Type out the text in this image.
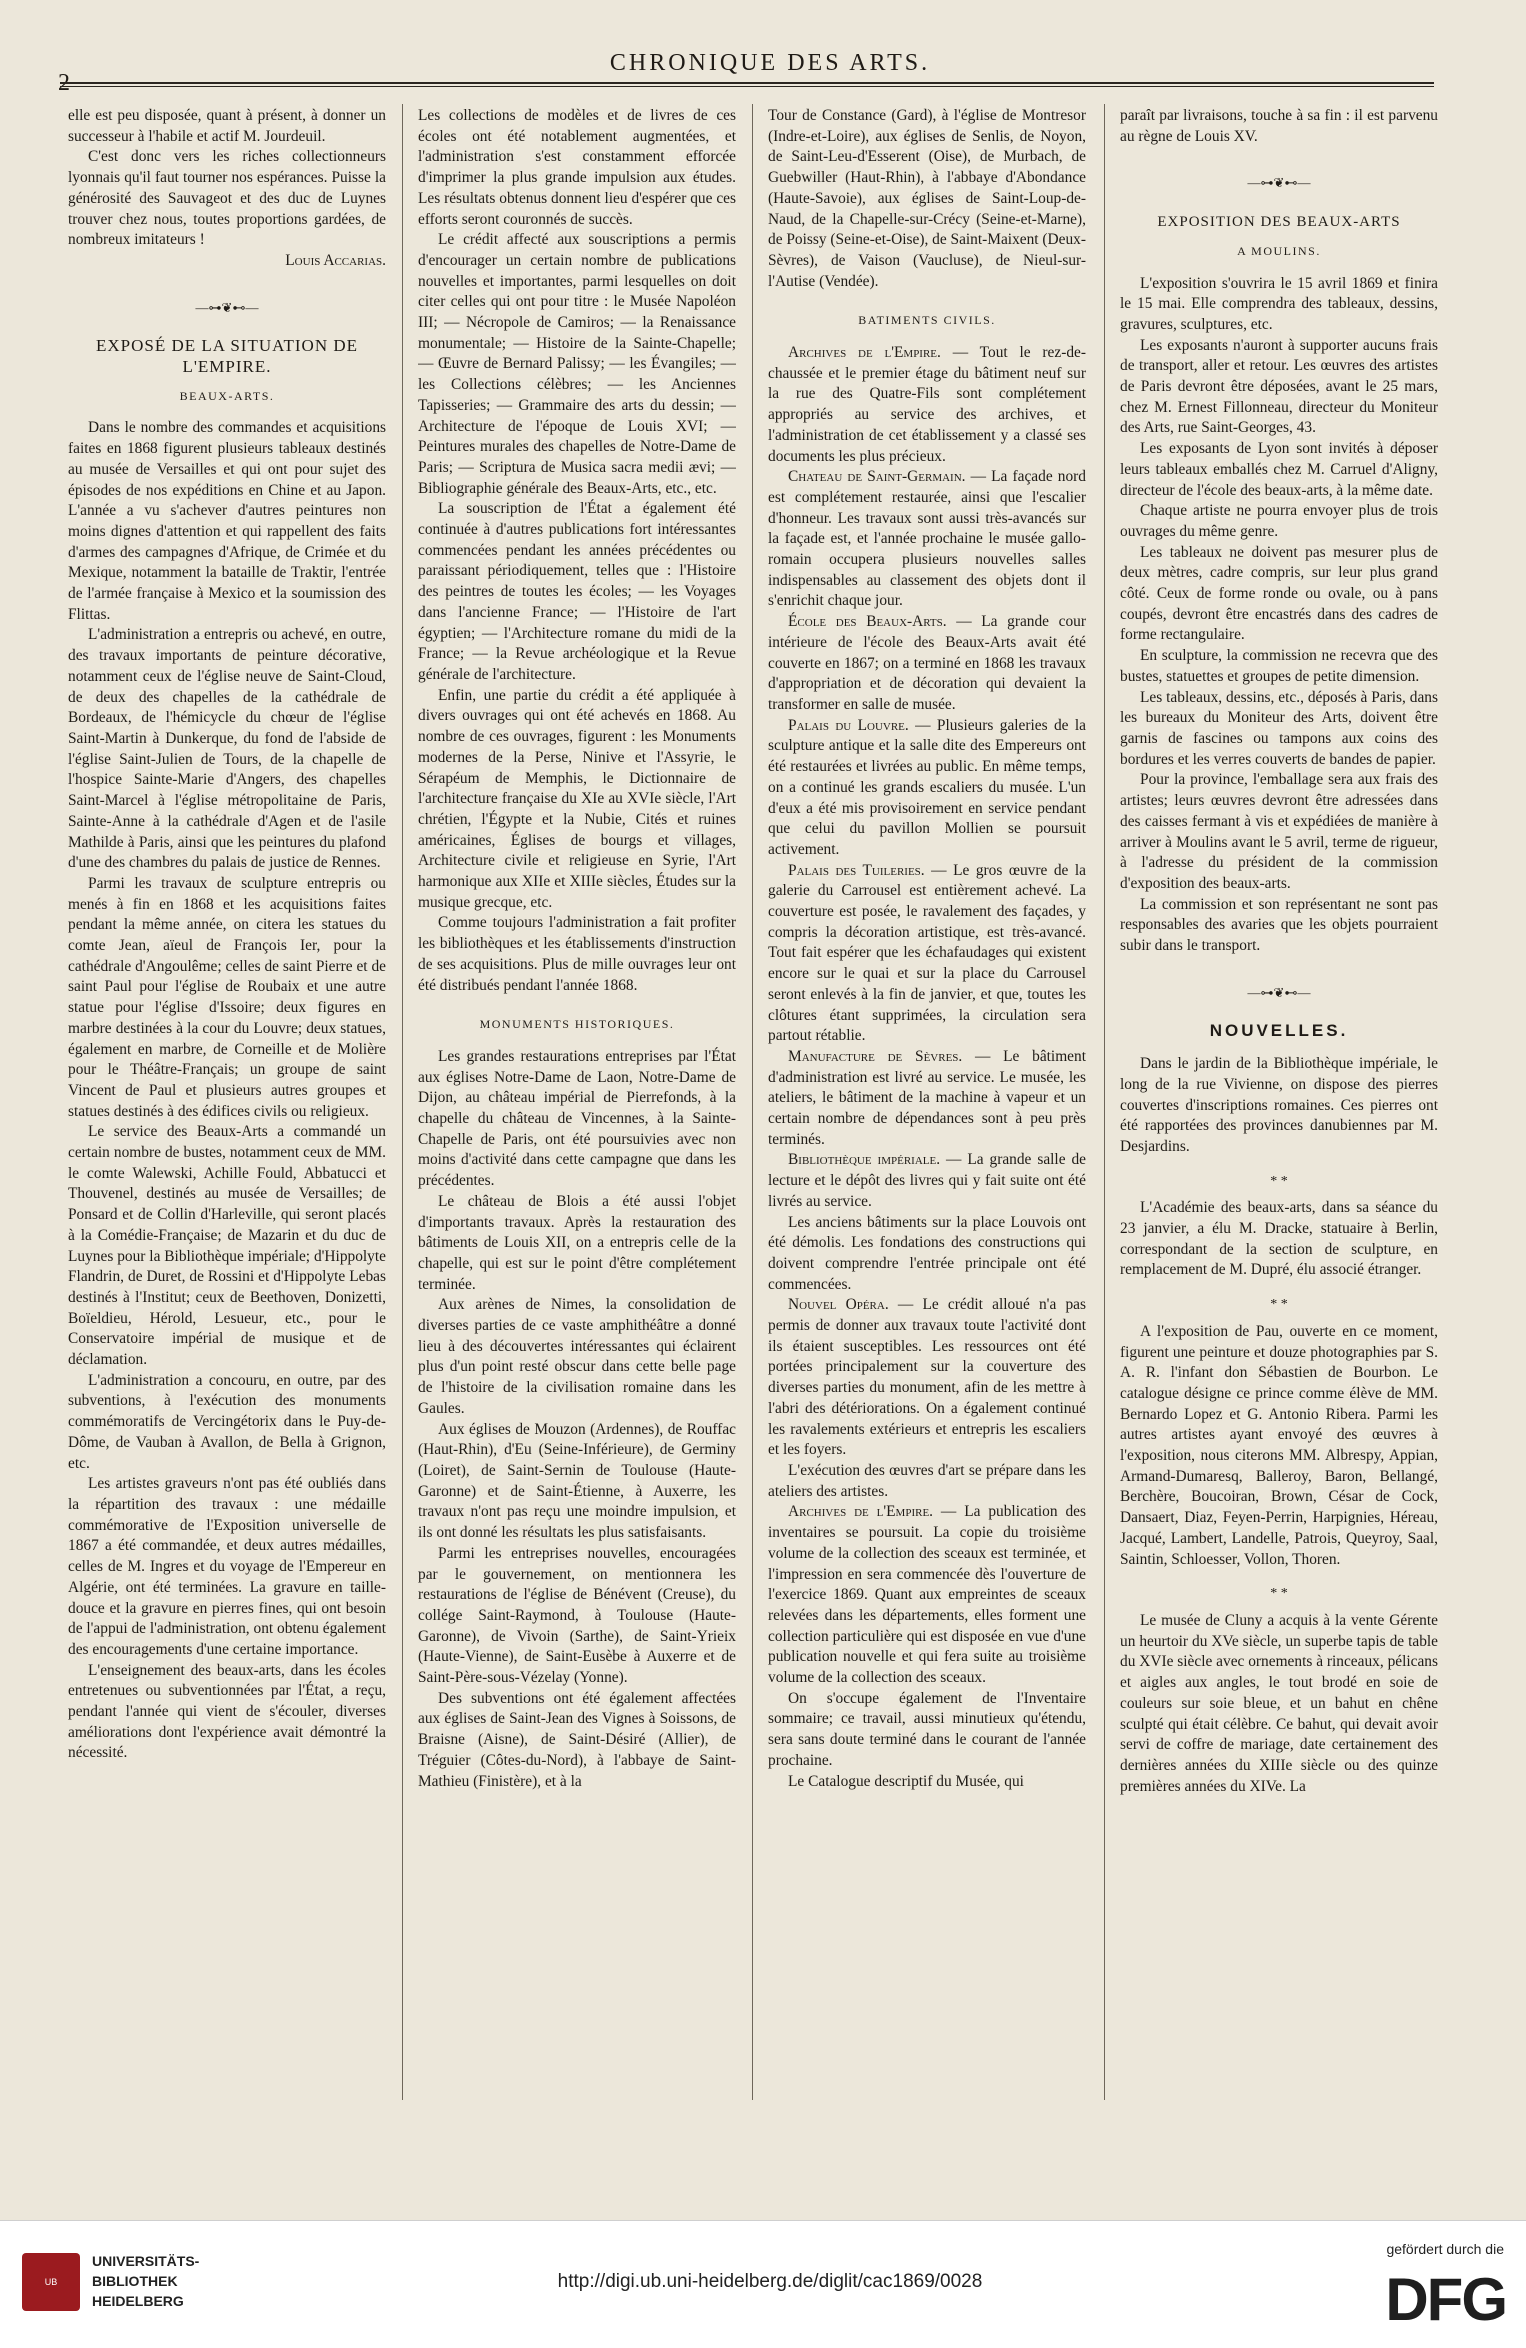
2
CHRONIQUE DES ARTS.

elle est peu disposée, quant à présent, à donner un successeur à l'habile et actif M. Jourdeuil.

C'est donc vers les riches collectionneurs lyonnais qu'il faut tourner nos espérances. Puisse la générosité des Sauvageot et des duc de Luynes trouver chez nous, toutes proportions gardées, de nombreux imitateurs !

Louis Accarias.

—⊶❦⊷—
EXPOSÉ DE LA SITUATION DE L'EMPIRE.
BEAUX-ARTS.

Dans le nombre des commandes et acquisitions faites en 1868 figurent plusieurs tableaux destinés au musée de Versailles et qui ont pour sujet des épisodes de nos expéditions en Chine et au Japon. L'année a vu s'achever d'autres peintures non moins dignes d'attention et qui rappellent des faits d'armes des campagnes d'Afrique, de Crimée et du Mexique, notamment la bataille de Traktir, l'entrée de l'armée française à Mexico et la soumission des Flittas.

L'administration a entrepris ou achevé, en outre, des travaux importants de peinture décorative, notamment ceux de l'église neuve de Saint-Cloud, de deux des chapelles de la cathédrale de Bordeaux, de l'hémicycle du chœur de l'église Saint-Martin à Dunkerque, du fond de l'abside de l'église Saint-Julien de Tours, de la chapelle de l'hospice Sainte-Marie d'Angers, des chapelles Saint-Marcel à l'église métropolitaine de Paris, Sainte-Anne à la cathédrale d'Agen et de l'asile Mathilde à Paris, ainsi que les peintures du plafond d'une des chambres du palais de justice de Rennes.

Parmi les travaux de sculpture entrepris ou menés à fin en 1868 et les acquisitions faites pendant la même année, on citera les statues du comte Jean, aïeul de François Ier, pour la cathédrale d'Angoulême; celles de saint Pierre et de saint Paul pour l'église de Roubaix et une autre statue pour l'église d'Issoire; deux figures en marbre destinées à la cour du Louvre; deux statues, également en marbre, de Corneille et de Molière pour le Théâtre-Français; un groupe de saint Vincent de Paul et plusieurs autres groupes et statues destinés à des édifices civils ou religieux.

Le service des Beaux-Arts a commandé un certain nombre de bustes, notamment ceux de MM. le comte Walewski, Achille Fould, Abbatucci et Thouvenel, destinés au musée de Versailles; de Ponsard et de Collin d'Harleville, qui seront placés à la Comédie-Française; de Mazarin et du duc de Luynes pour la Bibliothèque impériale; d'Hippolyte Flandrin, de Duret, de Rossini et d'Hippolyte Lebas destinés à l'Institut; ceux de Beethoven, Donizetti, Boïeldieu, Hérold, Lesueur, etc., pour le Conservatoire impérial de musique et de déclamation.

L'administration a concouru, en outre, par des subventions, à l'exécution des monuments commémoratifs de Vercingétorix dans le Puy-de-Dôme, de Vauban à Avallon, de Bella à Grignon, etc.

Les artistes graveurs n'ont pas été oubliés dans la répartition des travaux : une médaille commémorative de l'Exposition universelle de 1867 a été commandée, et deux autres médailles, celles de M. Ingres et du voyage de l'Empereur en Algérie, ont été terminées. La gravure en taille-douce et la gravure en pierres fines, qui ont besoin de l'appui de l'administration, ont obtenu également des encouragements d'une certaine importance.

L'enseignement des beaux-arts, dans les écoles entretenues ou subventionnées par l'État, a reçu, pendant l'année qui vient de s'écouler, diverses améliorations dont l'expérience avait démontré la nécessité.

Les collections de modèles et de livres de ces écoles ont été notablement augmentées, et l'administration s'est constamment efforcée d'imprimer la plus grande impulsion aux études. Les résultats obtenus donnent lieu d'espérer que ces efforts seront couronnés de succès.

Le crédit affecté aux souscriptions a permis d'encourager un certain nombre de publications nouvelles et importantes, parmi lesquelles on doit citer celles qui ont pour titre : le Musée Napoléon III; — Nécropole de Camiros; — la Renaissance monumentale; — Histoire de la Sainte-Chapelle; — Œuvre de Bernard Palissy; — les Évangiles; — les Collections célèbres; — les Anciennes Tapisseries; — Grammaire des arts du dessin; — Architecture de l'époque de Louis XVI; — Peintures murales des chapelles de Notre-Dame de Paris; — Scriptura de Musica sacra medii ævi; — Bibliographie générale des Beaux-Arts, etc., etc.

La souscription de l'État a également été continuée à d'autres publications fort intéressantes commencées pendant les années précédentes ou paraissant périodiquement, telles que : l'Histoire des peintres de toutes les écoles; — les Voyages dans l'ancienne France; — l'Histoire de l'art égyptien; — l'Architecture romane du midi de la France; — la Revue archéologique et la Revue générale de l'architecture.

Enfin, une partie du crédit a été appliquée à divers ouvrages qui ont été achevés en 1868. Au nombre de ces ouvrages, figurent : les Monuments modernes de la Perse, Ninive et l'Assyrie, le Sérapéum de Memphis, le Dictionnaire de l'architecture française du XIe au XVIe siècle, l'Art chrétien, l'Égypte et la Nubie, Cités et ruines américaines, Églises de bourgs et villages, Architecture civile et religieuse en Syrie, l'Art harmonique aux XIIe et XIIIe siècles, Études sur la musique grecque, etc.

Comme toujours l'administration a fait profiter les bibliothèques et les établissements d'instruction de ses acquisitions. Plus de mille ouvrages leur ont été distribués pendant l'année 1868.

MONUMENTS HISTORIQUES.

Les grandes restaurations entreprises par l'État aux églises Notre-Dame de Laon, Notre-Dame de Dijon, au château impérial de Pierrefonds, à la chapelle du château de Vincennes, à la Sainte-Chapelle de Paris, ont été poursuivies avec non moins d'activité dans cette campagne que dans les précédentes.

Le château de Blois a été aussi l'objet d'importants travaux. Après la restauration des bâtiments de Louis XII, on a entrepris celle de la chapelle, qui est sur le point d'être complétement terminée.

Aux arènes de Nimes, la consolidation de diverses parties de ce vaste amphithéâtre a donné lieu à des découvertes intéressantes qui éclairent plus d'un point resté obscur dans cette belle page de l'histoire de la civilisation romaine dans les Gaules.

Aux églises de Mouzon (Ardennes), de Rouffac (Haut-Rhin), d'Eu (Seine-Inférieure), de Germiny (Loiret), de Saint-Sernin de Toulouse (Haute-Garonne) et de Saint-Étienne, à Auxerre, les travaux n'ont pas reçu une moindre impulsion, et ils ont donné les résultats les plus satisfaisants.

Parmi les entreprises nouvelles, encouragées par le gouvernement, on mentionnera les restaurations de l'église de Bénévent (Creuse), du collége Saint-Raymond, à Toulouse (Haute-Garonne), de Vivoin (Sarthe), de Saint-Yrieix (Haute-Vienne), de Saint-Eusèbe à Auxerre et de Saint-Père-sous-Vézelay (Yonne).

Des subventions ont été également affectées aux églises de Saint-Jean des Vignes à Soissons, de Braisne (Aisne), de Saint-Désiré (Allier), de Tréguier (Côtes-du-Nord), à l'abbaye de Saint-Mathieu (Finistère), et à la

Tour de Constance (Gard), à l'église de Montresor (Indre-et-Loire), aux églises de Senlis, de Noyon, de Saint-Leu-d'Esserent (Oise), de Murbach, de Guebwiller (Haut-Rhin), à l'abbaye d'Abondance (Haute-Savoie), aux églises de Saint-Loup-de-Naud, de la Chapelle-sur-Crécy (Seine-et-Marne), de Poissy (Seine-et-Oise), de Saint-Maixent (Deux-Sèvres), de Vaison (Vaucluse), de Nieul-sur-l'Autise (Vendée).

BATIMENTS CIVILS.

Archives de l'Empire. — Tout le rez-de-chaussée et le premier étage du bâtiment neuf sur la rue des Quatre-Fils sont complétement appropriés au service des archives, et l'administration de cet établissement y a classé ses documents les plus précieux.

Chateau de Saint-Germain. — La façade nord est complétement restaurée, ainsi que l'escalier d'honneur. Les travaux sont aussi très-avancés sur la façade est, et l'année prochaine le musée gallo-romain occupera plusieurs nouvelles salles indispensables au classement des objets dont il s'enrichit chaque jour.

École des Beaux-Arts. — La grande cour intérieure de l'école des Beaux-Arts avait été couverte en 1867; on a terminé en 1868 les travaux d'appropriation et de décoration qui devaient la transformer en salle de musée.

Palais du Louvre. — Plusieurs galeries de la sculpture antique et la salle dite des Empereurs ont été restaurées et livrées au public. En même temps, on a continué les grands escaliers du musée. L'un d'eux a été mis provisoirement en service pendant que celui du pavillon Mollien se poursuit activement.

Palais des Tuileries. — Le gros œuvre de la galerie du Carrousel est entièrement achevé. La couverture est posée, le ravalement des façades, y compris la décoration artistique, est très-avancé. Tout fait espérer que les échafaudages qui existent encore sur le quai et sur la place du Carrousel seront enlevés à la fin de janvier, et que, toutes les clôtures étant supprimées, la circulation sera partout rétablie.

Manufacture de Sèvres. — Le bâtiment d'administration est livré au service. Le musée, les ateliers, le bâtiment de la machine à vapeur et un certain nombre de dépendances sont à peu près terminés.

Bibliothèque impériale. — La grande salle de lecture et le dépôt des livres qui y fait suite ont été livrés au service.

Les anciens bâtiments sur la place Louvois ont été démolis. Les fondations des constructions qui doivent comprendre l'entrée principale ont été commencées.

Nouvel Opéra. — Le crédit alloué n'a pas permis de donner aux travaux toute l'activité dont ils étaient susceptibles. Les ressources ont été portées principalement sur la couverture des diverses parties du monument, afin de les mettre à l'abri des détériorations. On a également continué les ravalements extérieurs et entrepris les escaliers et les foyers.

L'exécution des œuvres d'art se prépare dans les ateliers des artistes.

Archives de l'Empire. — La publication des inventaires se poursuit. La copie du troisième volume de la collection des sceaux est terminée, et l'impression en sera commencée dès l'ouverture de l'exercice 1869. Quant aux empreintes de sceaux relevées dans les départements, elles forment une collection particulière qui est disposée en vue d'une publication nouvelle et qui fera suite au troisième volume de la collection des sceaux.

On s'occupe également de l'Inventaire sommaire; ce travail, aussi minutieux qu'étendu, sera sans doute terminé dans le courant de l'année prochaine.

Le Catalogue descriptif du Musée, qui

paraît par livraisons, touche à sa fin : il est parvenu au règne de Louis XV.

—⊶❦⊷—
EXPOSITION DES BEAUX-ARTS
A MOULINS.

L'exposition s'ouvrira le 15 avril 1869 et finira le 15 mai. Elle comprendra des tableaux, dessins, gravures, sculptures, etc.

Les exposants n'auront à supporter aucuns frais de transport, aller et retour. Les œuvres des artistes de Paris devront être déposées, avant le 25 mars, chez M. Ernest Fillonneau, directeur du Moniteur des Arts, rue Saint-Georges, 43.

Les exposants de Lyon sont invités à déposer leurs tableaux emballés chez M. Carruel d'Aligny, directeur de l'école des beaux-arts, à la même date.

Chaque artiste ne pourra envoyer plus de trois ouvrages du même genre.

Les tableaux ne doivent pas mesurer plus de deux mètres, cadre compris, sur leur plus grand côté. Ceux de forme ronde ou ovale, ou à pans coupés, devront être encastrés dans des cadres de forme rectangulaire.

En sculpture, la commission ne recevra que des bustes, statuettes et groupes de petite dimension.

Les tableaux, dessins, etc., déposés à Paris, dans les bureaux du Moniteur des Arts, doivent être garnis de fascines ou tampons aux coins des bordures et les verres couverts de bandes de papier.

Pour la province, l'emballage sera aux frais des artistes; leurs œuvres devront être adressées dans des caisses fermant à vis et expédiées de manière à arriver à Moulins avant le 5 avril, terme de rigueur, à l'adresse du président de la commission d'exposition des beaux-arts.

La commission et son représentant ne sont pas responsables des avaries que les objets pourraient subir dans le transport.

—⊶❦⊷—
NOUVELLES.

Dans le jardin de la Bibliothèque impériale, le long de la rue Vivienne, on dispose des pierres couvertes d'inscriptions romaines. Ces pierres ont été rapportées des provinces danubiennes par M. Desjardins.

* *

L'Académie des beaux-arts, dans sa séance du 23 janvier, a élu M. Dracke, statuaire à Berlin, correspondant de la section de sculpture, en remplacement de M. Dupré, élu associé étranger.

* *

A l'exposition de Pau, ouverte en ce moment, figurent une peinture et douze photographies par S. A. R. l'infant don Sébastien de Bourbon. Le catalogue désigne ce prince comme élève de MM. Bernardo Lopez et G. Antonio Ribera. Parmi les autres artistes ayant envoyé des œuvres à l'exposition, nous citerons MM. Albrespy, Appian, Armand-Dumaresq, Balleroy, Baron, Bellangé, Berchère, Boucoiran, Brown, César de Cock, Dansaert, Diaz, Feyen-Perrin, Harpignies, Héreau, Jacqué, Lambert, Landelle, Patrois, Queyroy, Saal, Saintin, Schloesser, Vollon, Thoren.

* *

Le musée de Cluny a acquis à la vente Gérente un heurtoir du XVe siècle, un superbe tapis de table du XVIe siècle avec ornements à rinceaux, pélicans et aigles aux angles, le tout brodé en soie de couleurs sur soie bleue, et un bahut en chêne sculpté qui était célèbre. Ce bahut, qui devait avoir servi de coffre de mariage, date certainement des dernières années du XIIIe siècle ou des quinze premières années du XIVe. La

UB
UNIVERSITÄTS-
BIBLIOTHEK
HEIDELBERG
http://digi.ub.uni-heidelberg.de/diglit/cac1869/0028
gefördert durch die
DFG
